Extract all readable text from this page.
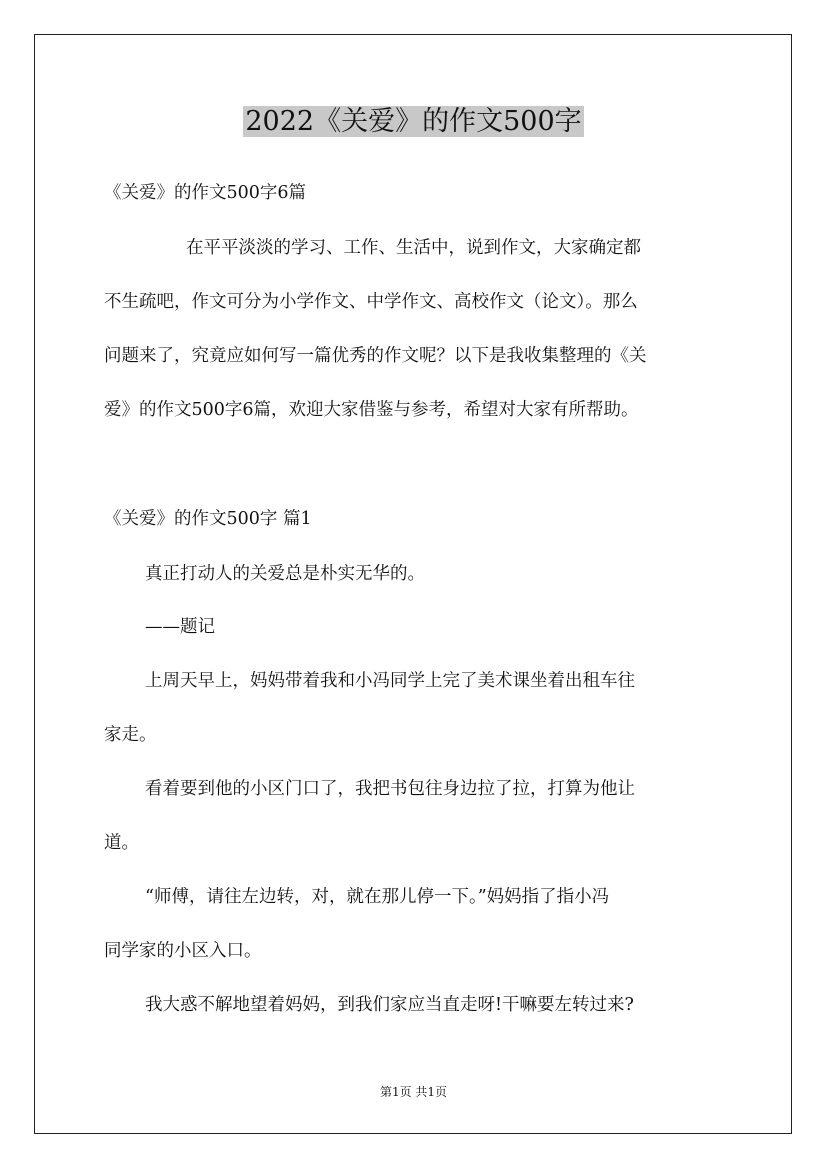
2022《关爱》的作文500字

《关爱》的作文500字6篇

在平平淡淡的学习、工作、生活中，说到作文，大家确定都

不生疏吧，作文可分为小学作文、中学作文、高校作文（论文）。那么

问题来了，究竟应如何写一篇优秀的作文呢？以下是我收集整理的《关

爱》的作文500字6篇，欢迎大家借鉴与参考，希望对大家有所帮助。

《关爱》的作文500字 篇1

真正打动人的关爱总是朴实无华的。

——题记

上周天早上，妈妈带着我和小冯同学上完了美术课坐着出租车往

家走。

看着要到他的小区门口了，我把书包往身边拉了拉，打算为他让

道。

“师傅，请往左边转，对，就在那儿停一下。”妈妈指了指小冯

同学家的小区入口。

我大惑不解地望着妈妈，到我们家应当直走呀!干嘛要左转过来?

第1页 共1页
